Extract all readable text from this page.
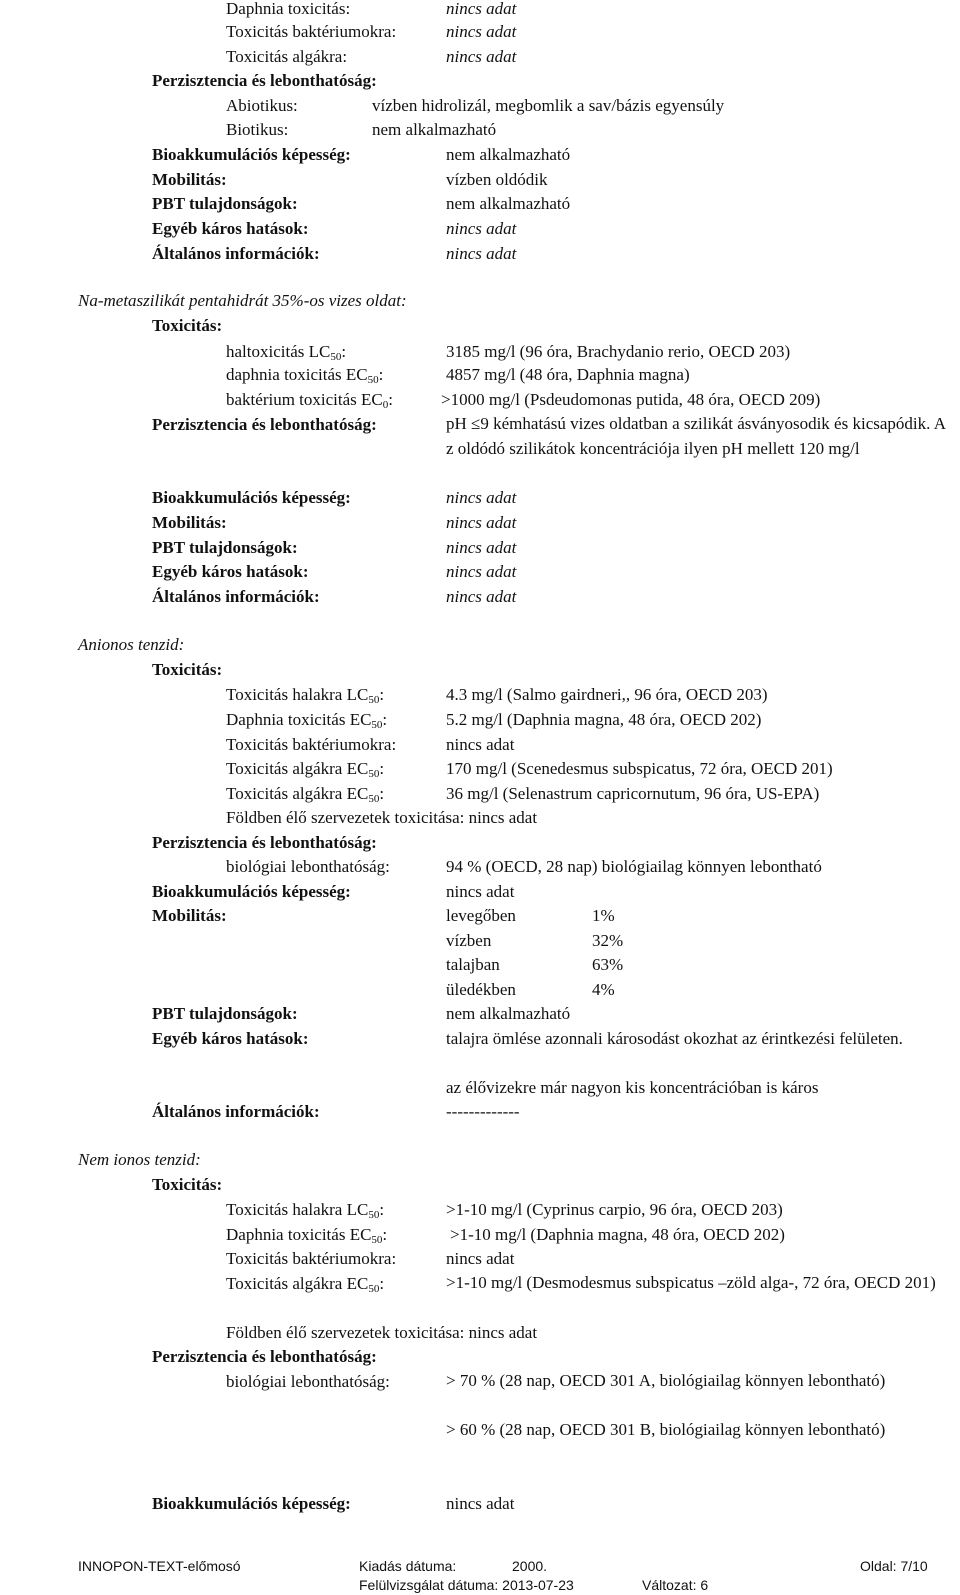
Daphnia toxicitás:	nincs adat
Toxicitás baktériumokra:	nincs adat
Toxicitás algákra:	nincs adat
Perzisztencia és lebonthatóság:
Abiotikus:	vízben hidrolizál, megbomlik a sav/bázis egyensúly
Biotikus:	nem alkalmazható
Bioakkumulációs képesség:	nem alkalmazható
Mobilitás:	vízben oldódik
PBT tulajdonságok:	nem alkalmazható
Egyéb káros hatások:	nincs adat
Általános információk:	nincs adat
Na-metaszilikát pentahidrát 35%-os vizes oldat:
Toxicitás:
haltoxicitás $LC_{50}$:	3185 mg/l (96 óra, Brachydanio rerio, OECD 203)
daphnia toxicitás $EC_{50}$:	4857 mg/l (48 óra, Daphnia magna)
baktérium toxicitás $EC_0$:	>1000 mg/l (Psdeudomonas putida, 48 óra, OECD 209)
Perzisztencia és lebonthatóság:	pH ≤9 kémhatású vizes oldatban a szilikát ásványosodik és kicsapódik. A z oldódó szilikátok koncentrációja ilyen pH mellett 120 mg/l
Bioakkumulációs képesség:	nincs adat
Mobilitás:	nincs adat
PBT tulajdonságok:	nincs adat
Egyéb káros hatások:	nincs adat
Általános információk:	nincs adat
Anionos tenzid:
Toxicitás:
Toxicitás halakra $LC_{50}$:	4.3 mg/l (Salmo gairdneri,, 96 óra, OECD 203)
Daphnia toxicitás $EC_{50}$:	5.2 mg/l (Daphnia magna, 48 óra, OECD 202)
Toxicitás baktériumokra:	nincs adat
Toxicitás algákra $EC_{50}$:	170 mg/l (Scenedesmus subspicatus, 72 óra, OECD 201)
Toxicitás algákra $EC_{50}$:	36 mg/l (Selenastrum capricornutum, 96 óra, US-EPA)
Földben élő szervezetek toxicitása: nincs adat
Perzisztencia és lebonthatóság:
biológiai lebonthatóság:	94 % (OECD, 28 nap) biológiailag könnyen lebontható
Bioakkumulációs képesség:	nincs adat
Mobilitás:	levegőben	1%
vízben	32%
talajban	63%
üledékben	4%
PBT tulajdonságok:	nem alkalmazható
Egyéb káros hatások:	talajra ömlése azonnali károsodást okozhat az érintkezési felületen.
az élővizekre már nagyon kis koncentrációban is káros
Általános információk:	-------------
Nem ionos tenzid:
Toxicitás:
Toxicitás halakra $LC_{50}$:	>1-10 mg/l (Cyprinus carpio, 96 óra, OECD 203)
Daphnia toxicitás $EC_{50}$:	>1-10 mg/l (Daphnia magna, 48 óra, OECD 202)
Toxicitás baktériumokra:	nincs adat
Toxicitás algákra $EC_{50}$:	>1-10 mg/l (Desmodesmus subspicatus –zöld alga-, 72 óra, OECD 201)
Földben élő szervezetek toxicitása: nincs adat
Perzisztencia és lebonthatóság:
biológiai lebonthatóság:	> 70 % (28 nap, OECD 301 A, biológiailag könnyen lebontható)
> 60 % (28 nap, OECD 301 B, biológiailag könnyen lebontható)
Bioakkumulációs képesség:	nincs adat
INNOPON-TEXT-előmosó	Kiadás dátuma:	2000.	Oldal: 7/10
Felülvizsgálat dátuma: 2013-07-23	Változat: 6
